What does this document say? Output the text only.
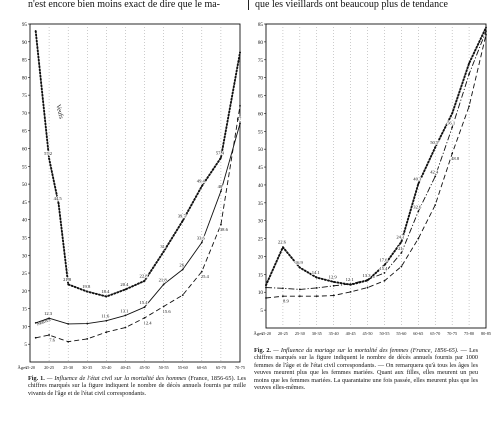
n'est encore bien moins exact de dire que le ma-	que les vieillards ont beaucoup plus de tendance
5
10
15
20
25
30
35
40
45
50
55
60
65
70
75
80
85
90
95
15-20 20-25 25-30 30-35 35-40 40-45 45-50 50-55 55-60 60-65 65-70 70-75
Âges
57.2
44.5
21.8
19.8
18.4
20.4
22.8
31
39.7
49.4
57.4
12.3	11.6
13.1
15.4
21.8
26
33.6
48
67
7.6
12.4
15.6
25.4
38.6
Veufs
Mariés
5
10
15
20
25
30
35
40
45
50
55
60
65
70
75
80
85
15-20 20-25 25-30 30-35 35-40 40-45 45-50 50-55 55-60 60-65 65-70 70-75 75-80 80-85
Âges
22.6
16.9
14.1
12.9
12.1
13.3
17.6
24.1
40.3
50.5
15.4
21
32.6
42.4
56.1
8.9
48.8

Fig. 1. — Influence de l'état civil sur la mortalité des hommes (France, 1856-65). Les chiffres marqués sur la figure indiquent le nombre de décès annuels fournis par mille vivants de l'âge et de l'état civil correspondants.

Fig. 2. — Influence du mariage sur la mortalité des femmes (France, 1856-65). — Les chiffres marqués sur la figure indiquent le nombre de décès annuels fournis par 1000 femmes de l'âge et de l'état civil correspondants. — On remarquera qu'à tous les âges les veuves meurent plus que les femmes mariées. Quant aux filles, elles meurent un peu moins que les femmes mariées. La quarantaine une fois passée, elles meurent plus que les veuves elles-mêmes.
